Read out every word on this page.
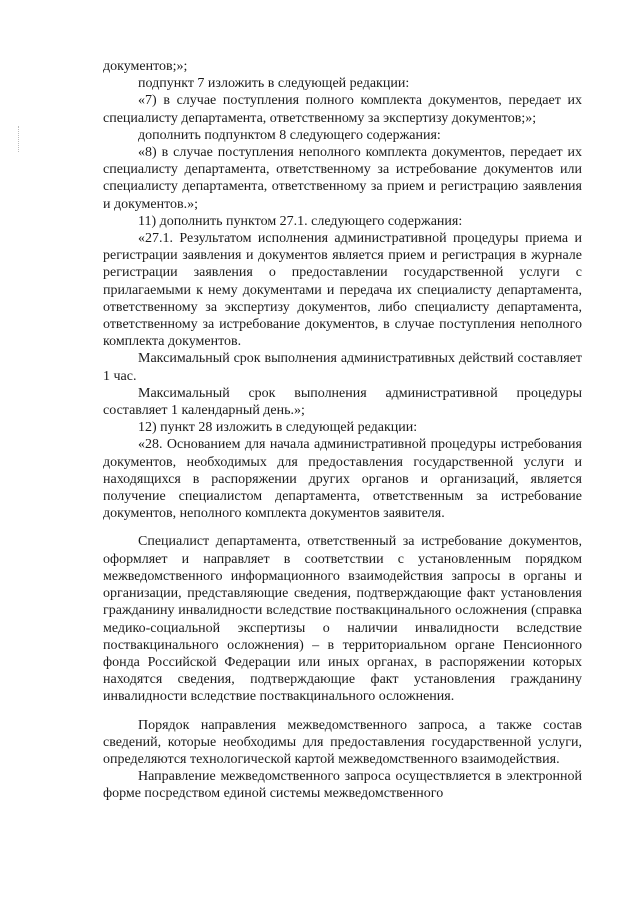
документов;»;

подпункт 7 изложить в следующей редакции:

«7) в случае поступления полного комплекта документов, передает их специалисту департамента, ответственному за экспертизу документов;»;

дополнить подпунктом 8 следующего содержания:

«8) в случае поступления неполного комплекта документов, передает их специалисту департамента, ответственному за истребование документов или специалисту департамента, ответственному за прием и регистрацию заявления и документов.»;

11) дополнить пунктом 27.1. следующего содержания:

«27.1. Результатом исполнения административной процедуры приема и регистрации заявления и документов является прием и регистрация в журнале регистрации заявления о предоставлении государственной услуги с прилагаемыми к нему документами и передача их специалисту департамента, ответственному за экспертизу документов, либо специалисту департамента, ответственному за истребование документов, в случае поступления неполного комплекта документов.

Максимальный срок выполнения административных действий составляет 1 час.

Максимальный срок выполнения административной процедуры составляет 1 календарный день.»;

12) пункт 28 изложить в следующей редакции:

«28. Основанием для начала административной процедуры истребования документов, необходимых для предоставления государственной услуги и находящихся в распоряжении других органов и организаций, является получение специалистом департамента, ответственным за истребование документов, неполного комплекта документов заявителя.

Специалист департамента, ответственный за истребование документов, оформляет и направляет в соответствии с установленным порядком межведомственного информационного взаимодействия запросы в органы и организации, представляющие сведения, подтверждающие факт установления гражданину инвалидности вследствие поствакцинального осложнения (справка медико-социальной экспертизы о наличии инвалидности вследствие поствакцинального осложнения) – в территориальном органе Пенсионного фонда Российской Федерации или иных органах, в распоряжении которых находятся сведения, подтверждающие факт установления гражданину инвалидности вследствие поствакцинального осложнения.

Порядок направления межведомственного запроса, а также состав сведений, которые необходимы для предоставления государственной услуги, определяются технологической картой межведомственного взаимодействия.

Направление межведомственного запроса осуществляется в электронной форме посредством единой системы межведомственного
